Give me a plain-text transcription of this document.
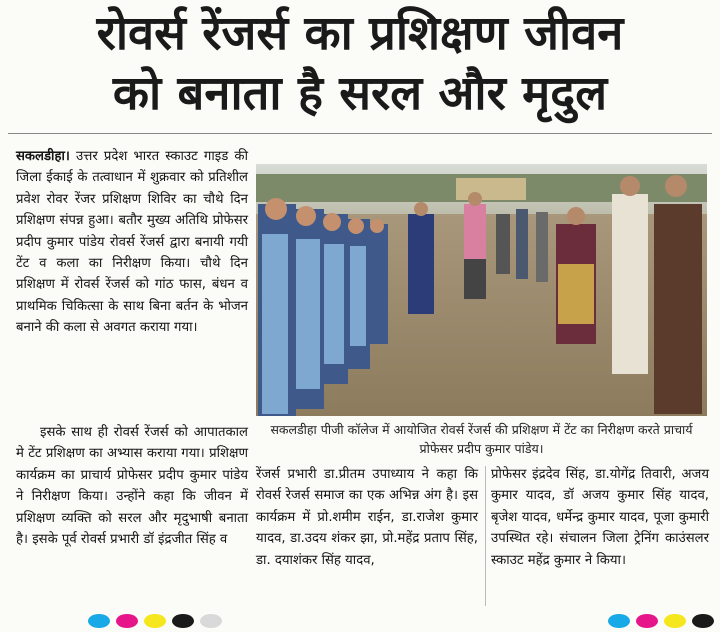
रोवर्स रेंजर्स का प्रशिक्षण जीवन
को बनाता है सरल और मृदुल

सकलडीहा। उत्तर प्रदेश भारत स्काउट गाइड की जिला ईकाई के तत्वाधान में शुक्रवार को प्रतिशील प्रवेश रोवर रेंजर प्रशिक्षण शिविर का चौथे दिन प्रशिक्षण संपन्न हुआ। बतौर मुख्य अतिथि प्रोफेसर प्रदीप कुमार पांडेय रोवर्स रेंजर्स द्वारा बनायी गयी टेंट व कला का निरीक्षण किया। चौथे दिन प्रशिक्षण में रोवर्स रेंजर्स को गांठ फास, बंधन व प्राथमिक चिकित्सा के साथ बिना बर्तन के भोजन बनाने की कला से अवगत कराया गया।

इसके साथ ही रोवर्स रेंजर्स को आपातकाल मे टेंट प्रशिक्षण का अभ्यास कराया गया। प्रशिक्षण कार्यक्रम का प्राचार्य प्रोफेसर प्रदीप कुमार पांडेय ने निरीक्षण किया। उन्होंने कहा कि जीवन में प्रशिक्षण व्यक्ति को सरल और मृदुभाषी बनाता है। इसके पूर्व रोवर्स प्रभारी डॉ इंद्रजीत सिंह व

सकलडीहा पीजी कॉलेज में आयोजित रोवर्स रेंजर्स की प्रशिक्षण में टेंट का निरीक्षण करते प्राचार्य प्रोफेसर प्रदीप कुमार पांडेय।

रेंजर्स प्रभारी डा.प्रीतम उपाध्याय ने कहा कि रोवर्स रेजर्स समाज का एक अभिन्न अंग है। इस कार्यक्रम में प्रो.शमीम राईन, डा.राजेश कुमार यादव, डा.उदय शंकर झा, प्रो.महेंद्र प्रताप सिंह, डा. दयाशंकर सिंह यादव,

प्रोफेसर इंद्रदेव सिंह, डा.योगेंद्र तिवारी, अजय कुमार यादव, डॉ अजय कुमार सिंह यादव, बृजेश यादव, धर्मेन्द्र कुमार यादव, पूजा कुमारी उपस्थित रहे। संचालन जिला ट्रेनिंग काउंसलर स्काउट महेंद्र कुमार ने किया।
